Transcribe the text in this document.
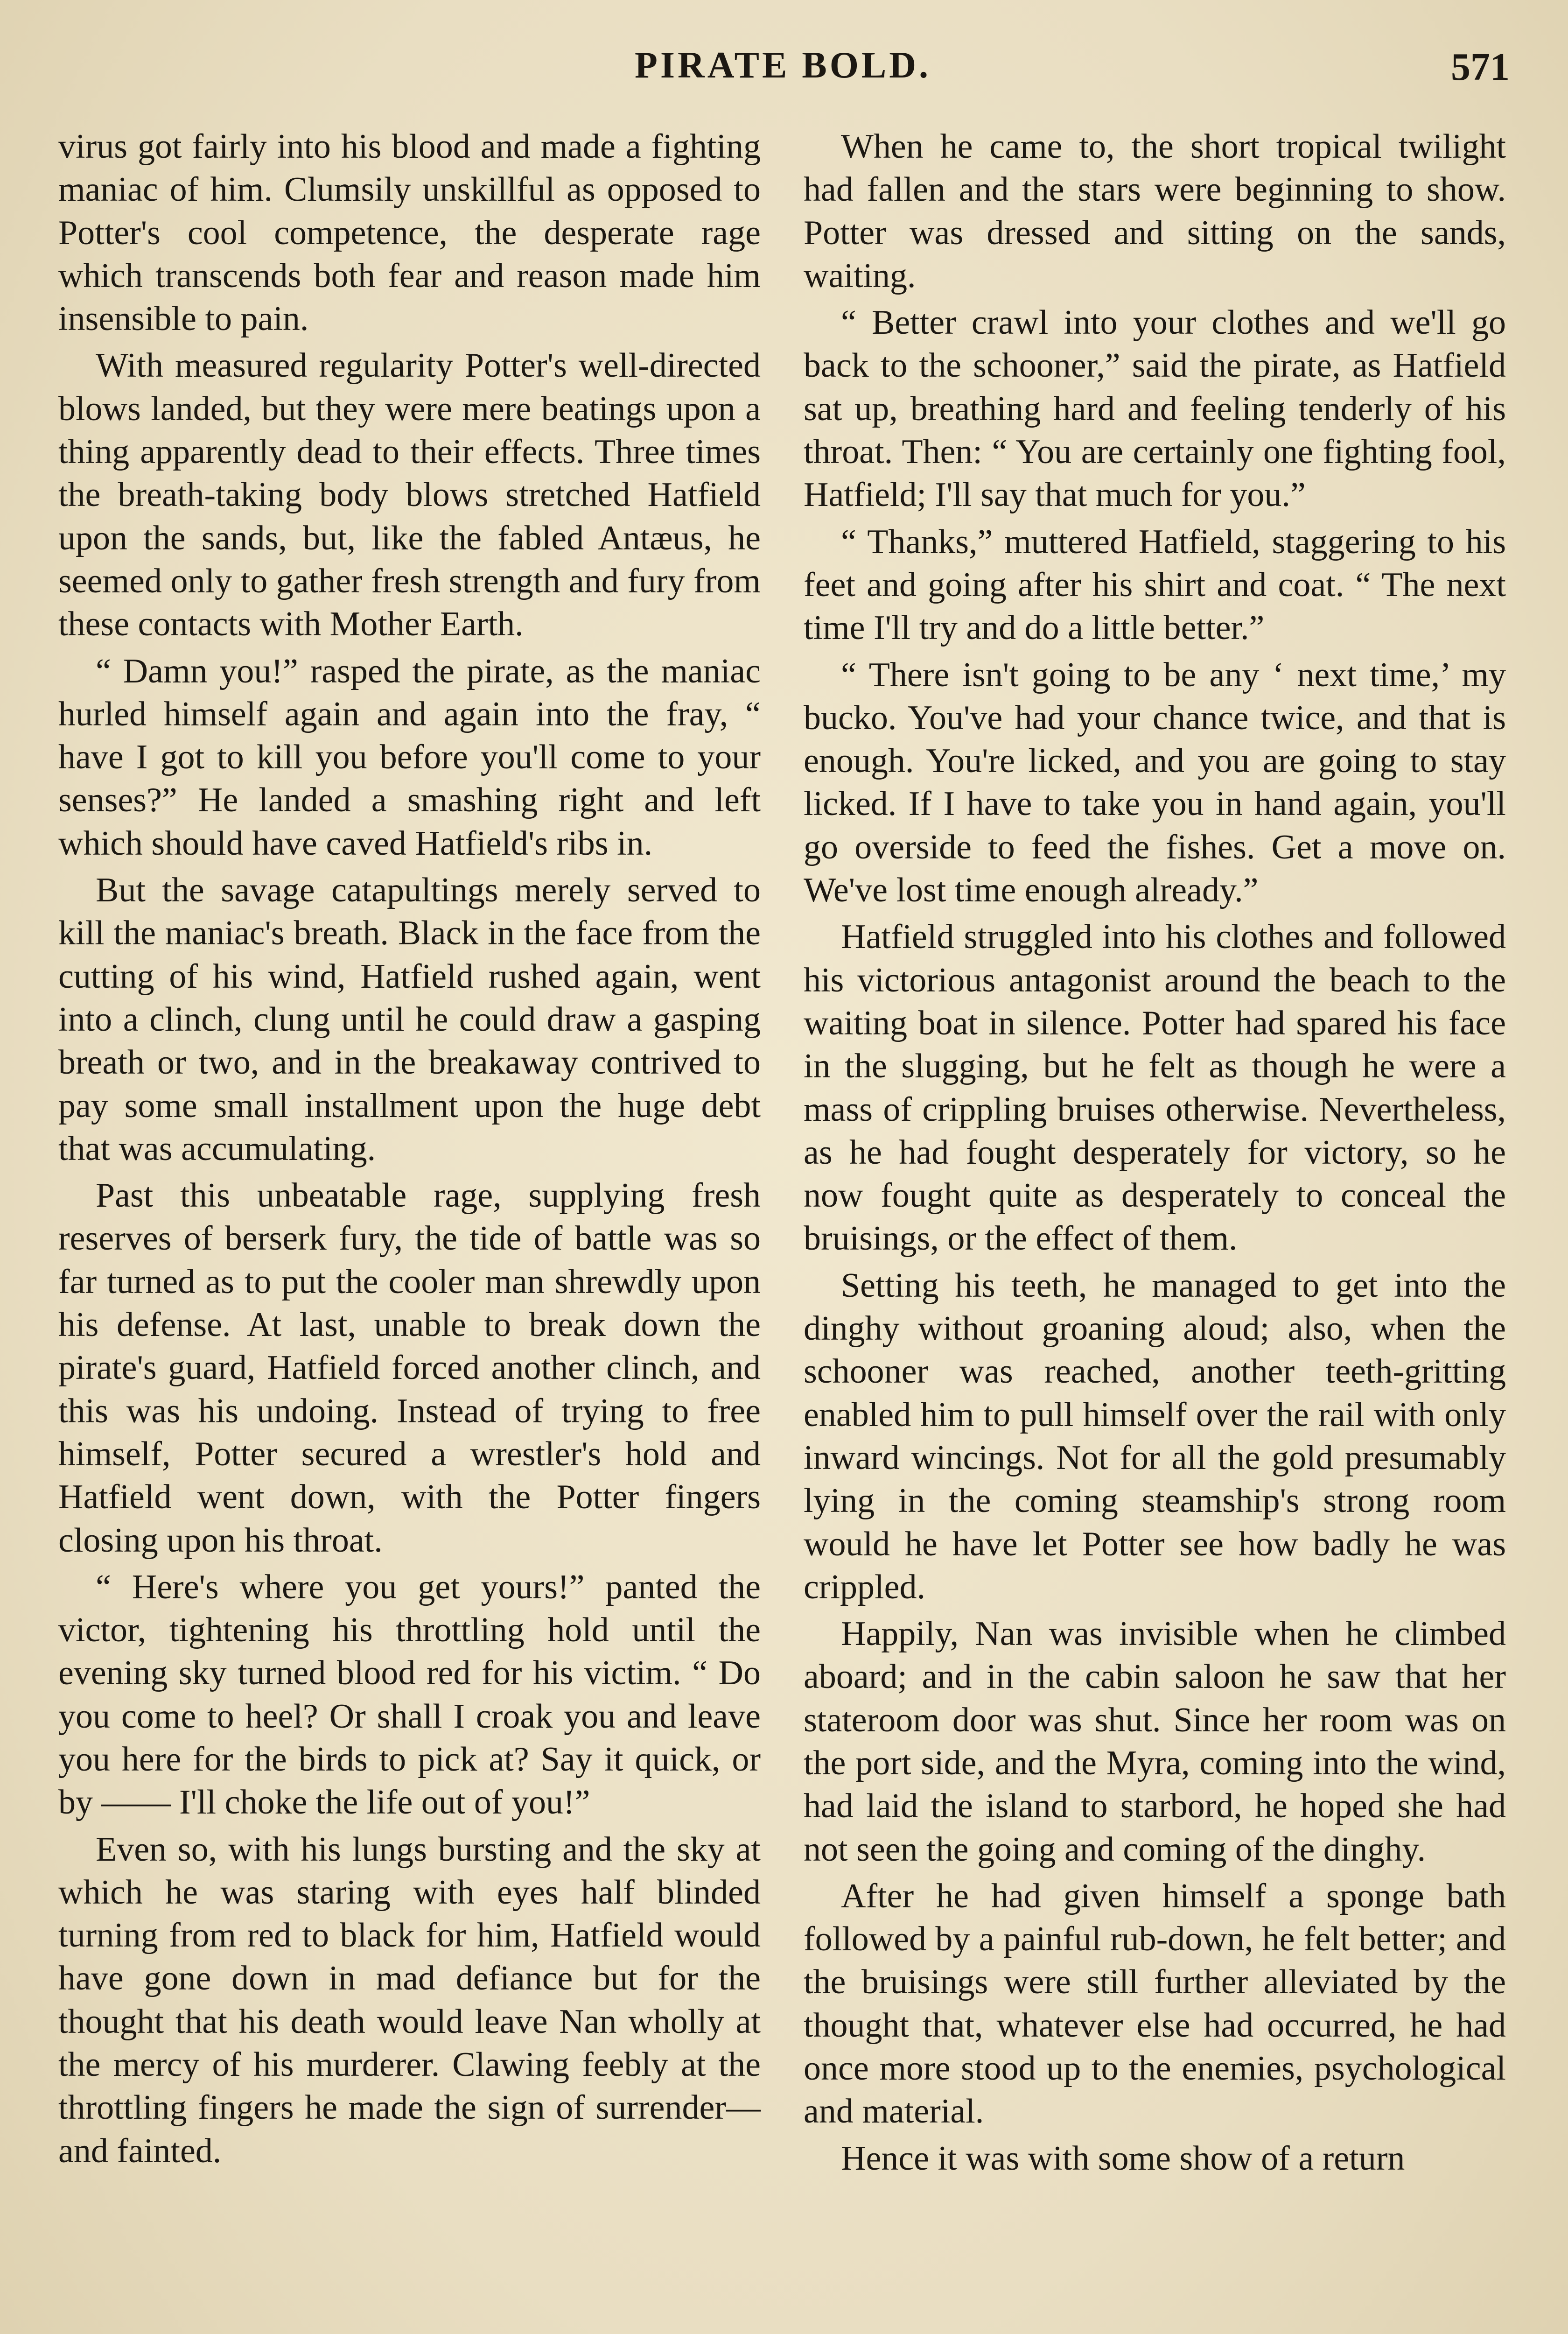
PIRATE BOLD.	571

virus got fairly into his blood and made a fighting maniac of him. Clumsily unskillful as opposed to Potter's cool competence, the desperate rage which transcends both fear and reason made him insensible to pain.

With measured regularity Potter's well-directed blows landed, but they were mere beatings upon a thing apparently dead to their effects. Three times the breath-taking body blows stretched Hatfield upon the sands, but, like the fabled Antæus, he seemed only to gather fresh strength and fury from these contacts with Mother Earth.

“ Damn you!” rasped the pirate, as the maniac hurled himself again and again into the fray, “ have I got to kill you before you'll come to your senses?” He landed a smashing right and left which should have caved Hatfield's ribs in.

But the savage catapultings merely served to kill the maniac's breath. Black in the face from the cutting of his wind, Hatfield rushed again, went into a clinch, clung until he could draw a gasping breath or two, and in the breakaway contrived to pay some small installment upon the huge debt that was accumulating.

Past this unbeatable rage, supplying fresh reserves of berserk fury, the tide of battle was so far turned as to put the cooler man shrewdly upon his defense. At last, unable to break down the pirate's guard, Hatfield forced another clinch, and this was his undoing. Instead of trying to free himself, Potter secured a wrestler's hold and Hatfield went down, with the Potter fingers closing upon his throat.

“ Here's where you get yours!” panted the victor, tightening his throttling hold until the evening sky turned blood red for his victim. “ Do you come to heel? Or shall I croak you and leave you here for the birds to pick at? Say it quick, or by —— I'll choke the life out of you!”

Even so, with his lungs bursting and the sky at which he was staring with eyes half blinded turning from red to black for him, Hatfield would have gone down in mad defiance but for the thought that his death would leave Nan wholly at the mercy of his murderer. Clawing feebly at the throttling fingers he made the sign of surrender—and fainted.

When he came to, the short tropical twilight had fallen and the stars were beginning to show. Potter was dressed and sitting on the sands, waiting.

“ Better crawl into your clothes and we'll go back to the schooner,” said the pirate, as Hatfield sat up, breathing hard and feeling tenderly of his throat. Then: “ You are certainly one fighting fool, Hatfield; I'll say that much for you.”

“ Thanks,” muttered Hatfield, staggering to his feet and going after his shirt and coat. “ The next time I'll try and do a little better.”

“ There isn't going to be any ‘ next time,’ my bucko. You've had your chance twice, and that is enough. You're licked, and you are going to stay licked. If I have to take you in hand again, you'll go overside to feed the fishes. Get a move on. We've lost time enough already.”

Hatfield struggled into his clothes and followed his victorious antagonist around the beach to the waiting boat in silence. Potter had spared his face in the slugging, but he felt as though he were a mass of crippling bruises otherwise. Nevertheless, as he had fought desperately for victory, so he now fought quite as desperately to conceal the bruisings, or the effect of them.

Setting his teeth, he managed to get into the dinghy without groaning aloud; also, when the schooner was reached, another teeth-gritting enabled him to pull himself over the rail with only inward wincings. Not for all the gold presumably lying in the coming steamship's strong room would he have let Potter see how badly he was crippled.

Happily, Nan was invisible when he climbed aboard; and in the cabin saloon he saw that her stateroom door was shut. Since her room was on the port side, and the Myra, coming into the wind, had laid the island to starbord, he hoped she had not seen the going and coming of the dinghy.

After he had given himself a sponge bath followed by a painful rub-down, he felt better; and the bruisings were still further alleviated by the thought that, whatever else had occurred, he had once more stood up to the enemies, psychological and material.

Hence it was with some show of a return
